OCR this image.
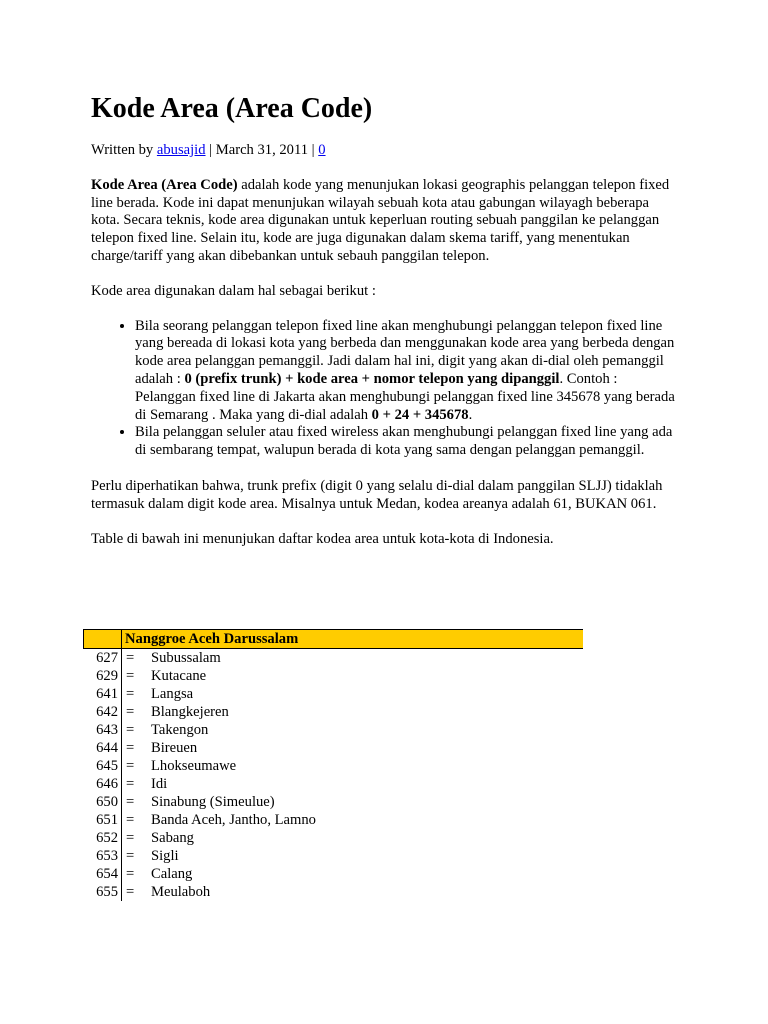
Kode Area (Area Code)
Written by abusajid | March 31, 2011 | 0

Kode Area (Area Code) adalah kode yang menunjukan lokasi geographis pelanggan telepon fixed line berada. Kode ini dapat menunjukan wilayah sebuah kota atau gabungan wilayagh beberapa kota. Secara teknis, kode area digunakan untuk keperluan routing sebuah panggilan ke pelanggan telepon fixed line. Selain itu, kode are juga digunakan dalam skema tariff, yang menentukan charge/tariff yang akan dibebankan untuk sebauh panggilan telepon.

Kode area digunakan dalam hal sebagai berikut :

• Bila seorang pelanggan telepon fixed line akan menghubungi pelanggan telepon fixed line yang bereada di lokasi kota yang berbeda dan menggunakan kode area yang berbeda dengan kode area pelanggan pemanggil. Jadi dalam hal ini, digit yang akan di-dial oleh pemanggil adalah : 0 (prefix trunk) + kode area + nomor telepon yang dipanggil. Contoh : Pelanggan fixed line di Jakarta akan menghubungi pelanggan fixed line 345678 yang berada di Semarang . Maka yang di-dial adalah 0 + 24 + 345678.
• Bila pelanggan seluler atau fixed wireless akan menghubungi pelanggan fixed line yang ada di sembarang tempat, walupun berada di kota yang sama dengan pelanggan pemanggil.

Perlu diperhatikan bahwa, trunk prefix (digit 0 yang selalu di-dial dalam panggilan SLJJ) tidaklah termasuk dalam digit kode area. Misalnya untuk Medan, kodea areanya adalah 61, BUKAN 061.

Table di bawah ini menunjukan daftar kodea area untuk kota-kota di Indonesia.

	Nanggroe Aceh Darussalam	
627	=	Subussalam
629	=	Kutacane
641	=	Langsa
642	=	Blangkejeren
643	=	Takengon
644	=	Bireuen
645	=	Lhokseumawe
646	=	Idi
650	=	Sinabung (Simeulue)
651	=	Banda Aceh, Jantho, Lamno
652	=	Sabang
653	=	Sigli
654	=	Calang
655	=	Meulaboh
